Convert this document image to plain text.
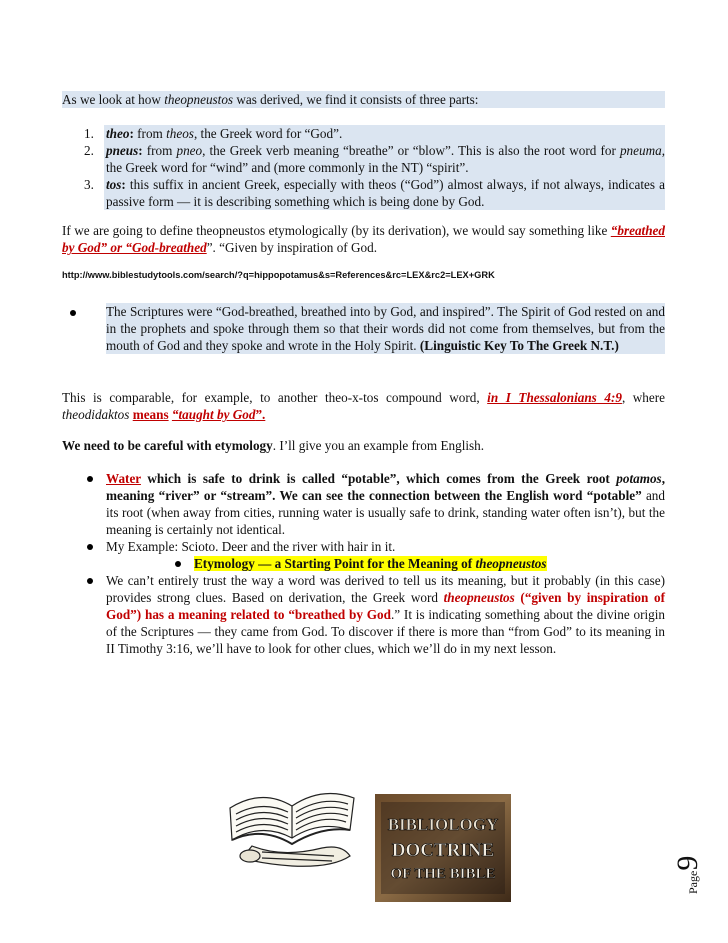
As we look at how theopneustos was derived, we find it consists of three parts:

1. theo: from theos, the Greek word for “God”.
2. pneus: from pneo, the Greek verb meaning “breathe” or “blow”. This is also the root word for pneuma, the Greek word for “wind” and (more commonly in the NT) “spirit”.
3. tos: this suffix in ancient Greek, especially with theos (“God”) almost always, if not always, indicates a passive form — it is describing something which is being done by God.

If we are going to define theopneustos etymologically (by its derivation), we would say something like “breathed by God” or “God-breathed”. “Given by inspiration of God.

http://www.biblestudytools.com/search/?q=hippopotamus&s=References&rc=LEX&rc2=LEX+GRK

The Scriptures were “God-breathed, breathed into by God, and inspired”. The Spirit of God rested on and in the prophets and spoke through them so that their words did not come from themselves, but from the mouth of God and they spoke and wrote in the Holy Spirit. (Linguistic Key To The Greek N.T.)

This is comparable, for example, to another theo-x-tos compound word, in I Thessalonians 4:9, where theodidaktos means “taught by God”.

We need to be careful with etymology. I’ll give you an example from English.

Water which is safe to drink is called “potable”, which comes from the Greek root potamos, meaning “river” or “stream”. We can see the connection between the English word “potable” and its root (when away from cities, running water is usually safe to drink, standing water often isn’t), but the meaning is certainly not identical.
My Example: Scioto. Deer and the river with hair in it.
Etymology — a Starting Point for the Meaning of theopneustos
We can’t entirely trust the way a word was derived to tell us its meaning, but it probably (in this case) provides strong clues. Based on derivation, the Greek word theopneustos (“given by inspiration of God”) has a meaning related to “breathed by God.” It is indicating something about the divine origin of the Scriptures — they came from God. To discover if there is more than “from God” to its meaning in II Timothy 3:16, we’ll have to look for other clues, which we’ll do in my next lesson.
BIBLIOLOGY
DOCTRINE
OF THE BIBLE	Page9
